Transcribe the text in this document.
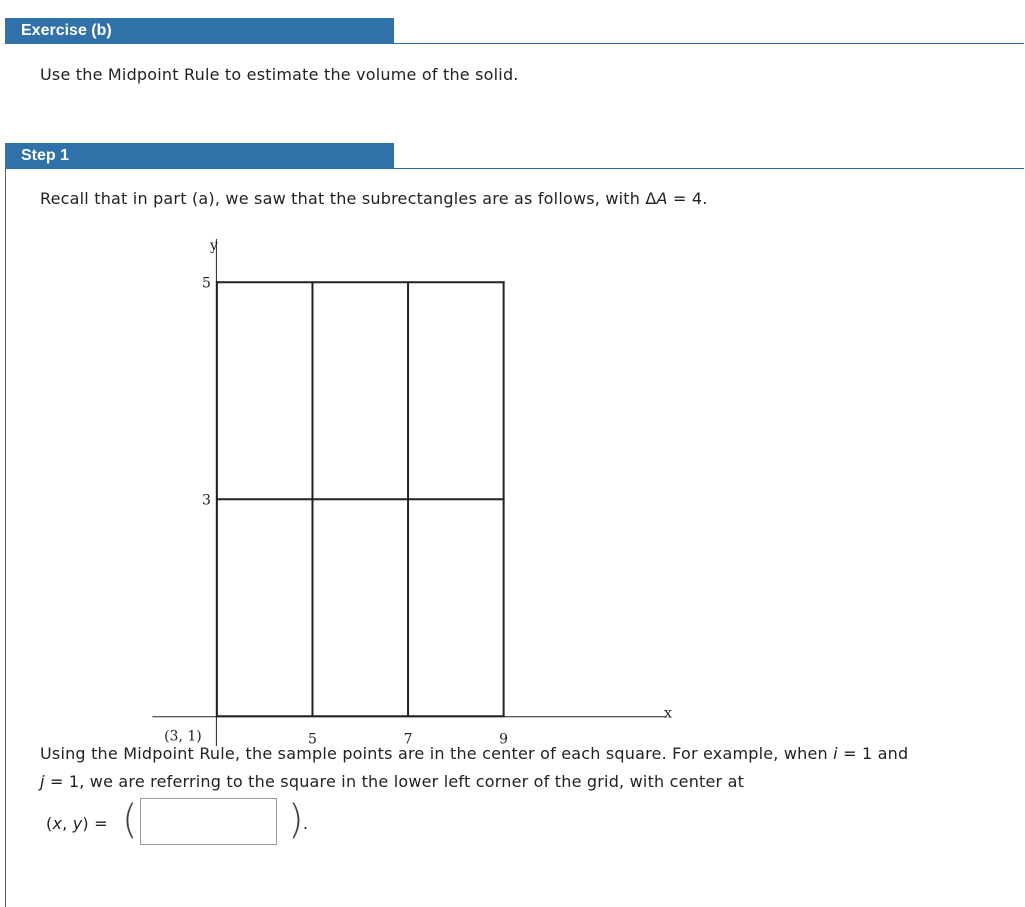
Exercise (b)
Use the Midpoint Rule to estimate the volume of the solid.
Step 1
Recall that in part (a), we saw that the subrectangles are as follows, with ΔA = 4.
5	7	9
3
5
(3, 1)
x
y
Using the Midpoint Rule, the sample points are in the center of each square. For example, when i = 1 and
j = 1, we are referring to the square in the lower left corner of the grid, with center at
(x, y) = (	) .
